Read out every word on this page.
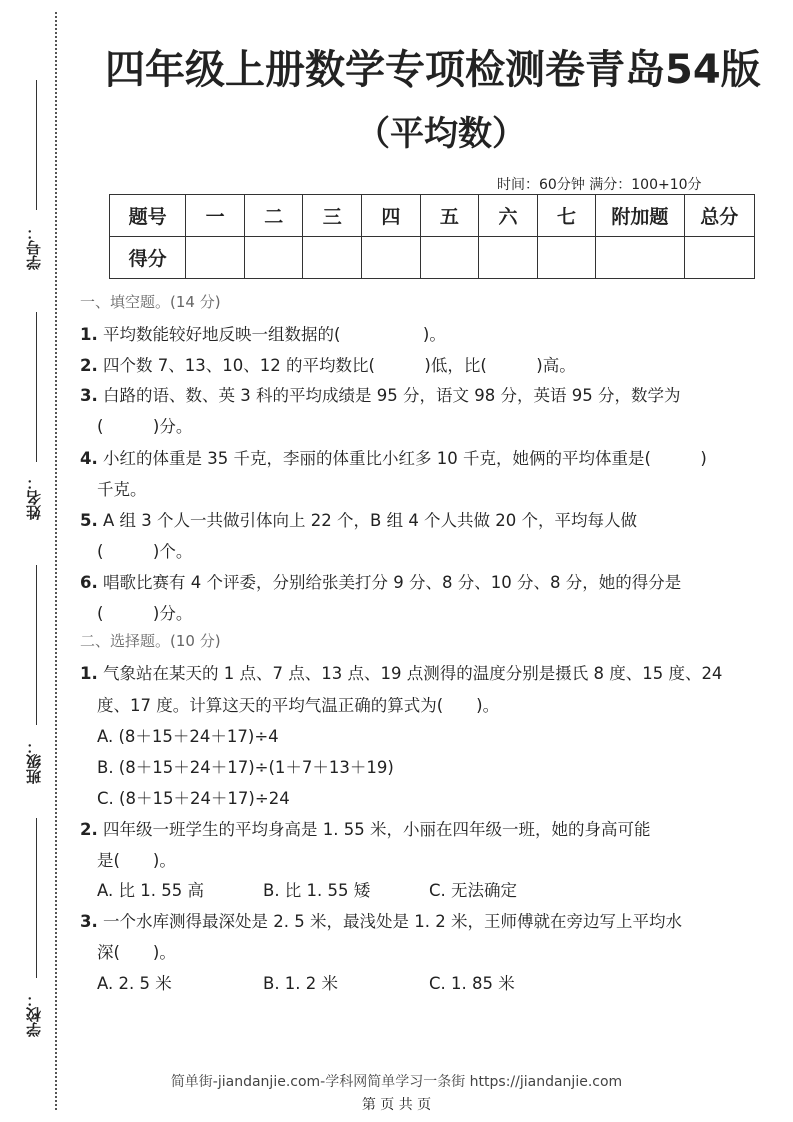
学号：
姓名：
班级：
学校：
四年级上册数学专项检测卷青岛54版
（平均数）
时间：60分钟 满分：100+10分
题号	一	二	三	四	五	六	七	附加题	总分
得分									
一、填空题。(14 分)
1. 平均数能较好地反映一组数据的(　　　　　)。
2. 四个数 7、13、10、12 的平均数比(　　　)低，比(　　　)高。
3. 白路的语、数、英 3 科的平均成绩是 95 分，语文 98 分，英语 95 分，数学为
(　　　)分。
4. 小红的体重是 35 千克，李丽的体重比小红多 10 千克，她俩的平均体重是(　　　)
千克。
5. A 组 3 个人一共做引体向上 22 个，B 组 4 个人共做 20 个，平均每人做
(　　　)个。
6. 唱歌比赛有 4 个评委，分别给张美打分 9 分、8 分、10 分、8 分，她的得分是
(　　　)分。
二、选择题。(10 分)
1. 气象站在某天的 1 点、7 点、13 点、19 点测得的温度分别是摄氏 8 度、15 度、24
度、17 度。计算这天的平均气温正确的算式为(　　)。
A. (8＋15＋24＋17)÷4
B. (8＋15＋24＋17)÷(1＋7＋13＋19)
C. (8＋15＋24＋17)÷24
2. 四年级一班学生的平均身高是 1. 55 米，小丽在四年级一班，她的身高可能
是(　　)。
A. 比 1. 55 高	B. 比 1. 55 矮	C. 无法确定
3. 一个水库测得最深处是 2. 5 米，最浅处是 1. 2 米，王师傅就在旁边写上平均水
深(　　)。
A. 2. 5 米	B. 1. 2 米	C. 1. 85 米
简单街-jiandanjie.com-学科网简单学习一条街 https://jiandanjie.com
第 页 共 页
